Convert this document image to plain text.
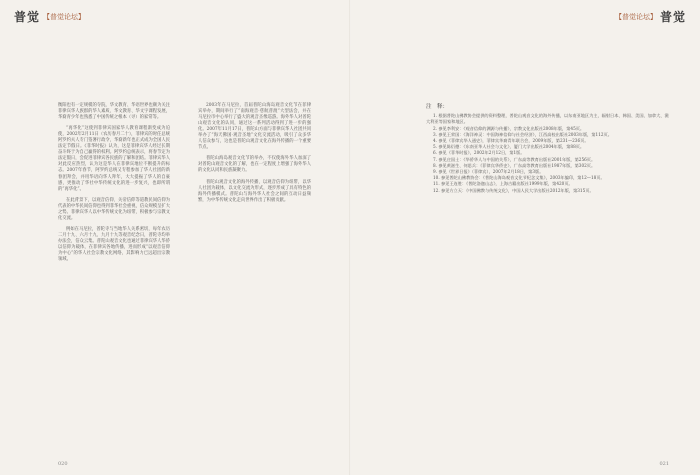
普觉 【普觉论坛】	【普觉论坛】 普觉

衡阳也有一定规模的寺院，华文教育、华语世界也颇为关注菲律宾华人族群的华人素质、华文教育、华文字课程发展，华裔青少年也熟悉了中国传统之根本（寻）的家常等。

“再华化”这使到菲律宾国家华人教育课程渐变成为迫使，2002年2月11日（农历春月二十），菲律宾的时任总统阿罗约夫人专门签署行政令，华裔新年也正式成为全国人民法定节假日。《菲华时报》认为，这是菲律宾华人经过长期奋斗终于为自己赢得的权利。阿罗约总统表示，将春节定为法定假日，会促进菲律宾各民族的了解和团结。菲律宾华人对此反应热烈，认为这是华人在菲律宾地位不断提升的标志。2007年春节，阿罗约总统又专程参加了华人社团的新春团拜会，并用华语向华人拜年，大大提振了华人的自豪感，更推动了华社中华传统文化的进一步复兴，也即所谓的“再华化”。

在此背景下，以观音信仰、关帝信仰等道教民间信仰为代表的中华民间信仰也得到菲华社会重视，信众规模呈扩大之势。菲律宾华人以中华传统文化为纽带，积极参与宗教文化交流。

例如在马尼拉，普陀寺与当地华人关系密切，每年农历二月十九、六月十九、九月十九等观音纪念日，普陀寺均举办法会，信众云集。普陀山观音文化也通过菲律宾华人华侨以信仰为载体，在菲律宾各地传播，进而形成“以观音信仰为中心”的华人社会宗教文化网络，其影响力已远超出宗教领域。

2003年在马尼拉，首届普陀山海岛观音文化节在菲律宾举办，期间举行了“南海观音·慈航普渡”大型法会，并在马尼拉市中心举行了盛大的观音圣像巡游。海外华人对普陀山观音文化的认同，通过这一系列活动得到了进一步的强化。2007年11月17日，普陀山方面与菲律宾华人社团共同举办了“海天佛国·观音圣地”文化交流活动，吸引了众多华人信众参与，这也是普陀山观音文化在海外传播的一个重要节点。

普陀山海岛观音文化节的举办，不仅使海外华人加深了对普陀山观音文化的了解，也在一定程度上增强了海外华人的文化认同和民族凝聚力。

普陀山观音文化的海外传播，以观音信仰为纽带，以华人社团为载体，以文化交流为形式，逐步形成了具有特色的海外传播模式。普陀山与海外华人社会之间的互动日益频繁，为中华传统文化走向世界作出了积极贡献。

注　释：

1. 根据普陀山佛教协会提供的资料整理，普陀山观音文化的海外传播，以东南亚地区为主，辐射日本、韩国、美国、加拿大、澳大利亚等国家和地区。

2. 参见李利安：《观音信仰的渊源与传播》，宗教文化出版社2008年版，第45页。

3. 参见王荣国：《海洋神灵：中国海神信仰与社会经济》，江西高校出版社2003年版，第112页。

4. 参见《菲律宾华人通史》，菲律宾华裔青年联合会，2009年版，第231—236页。

5. 参见陈衍德：《东南亚华人社会与文化》，厦门大学出版社2004年版，第88页。

6. 参见《菲华时报》，2002年2月12日，第1版。

7. 参见庄国土：《华侨华人与中国的关系》，广东高等教育出版社2001年版，第256页。

8. 参见黄滋生、何思兵：《菲律宾华侨史》，广东高等教育出版社1987年版，第302页。

9. 参见《世界日报》（菲律宾），2007年2月18日，第3版。

10. 参见普陀山佛教协会：《普陀山海岛观音文化节纪念文集》，2003年编印，第12—18页。

11. 参见王连胜：《普陀洛迦山志》，上海古籍出版社1999年版，第420页。

12. 参见方立天：《中国佛教与传统文化》，中国人民大学出版社2012年版，第315页。

020	021
